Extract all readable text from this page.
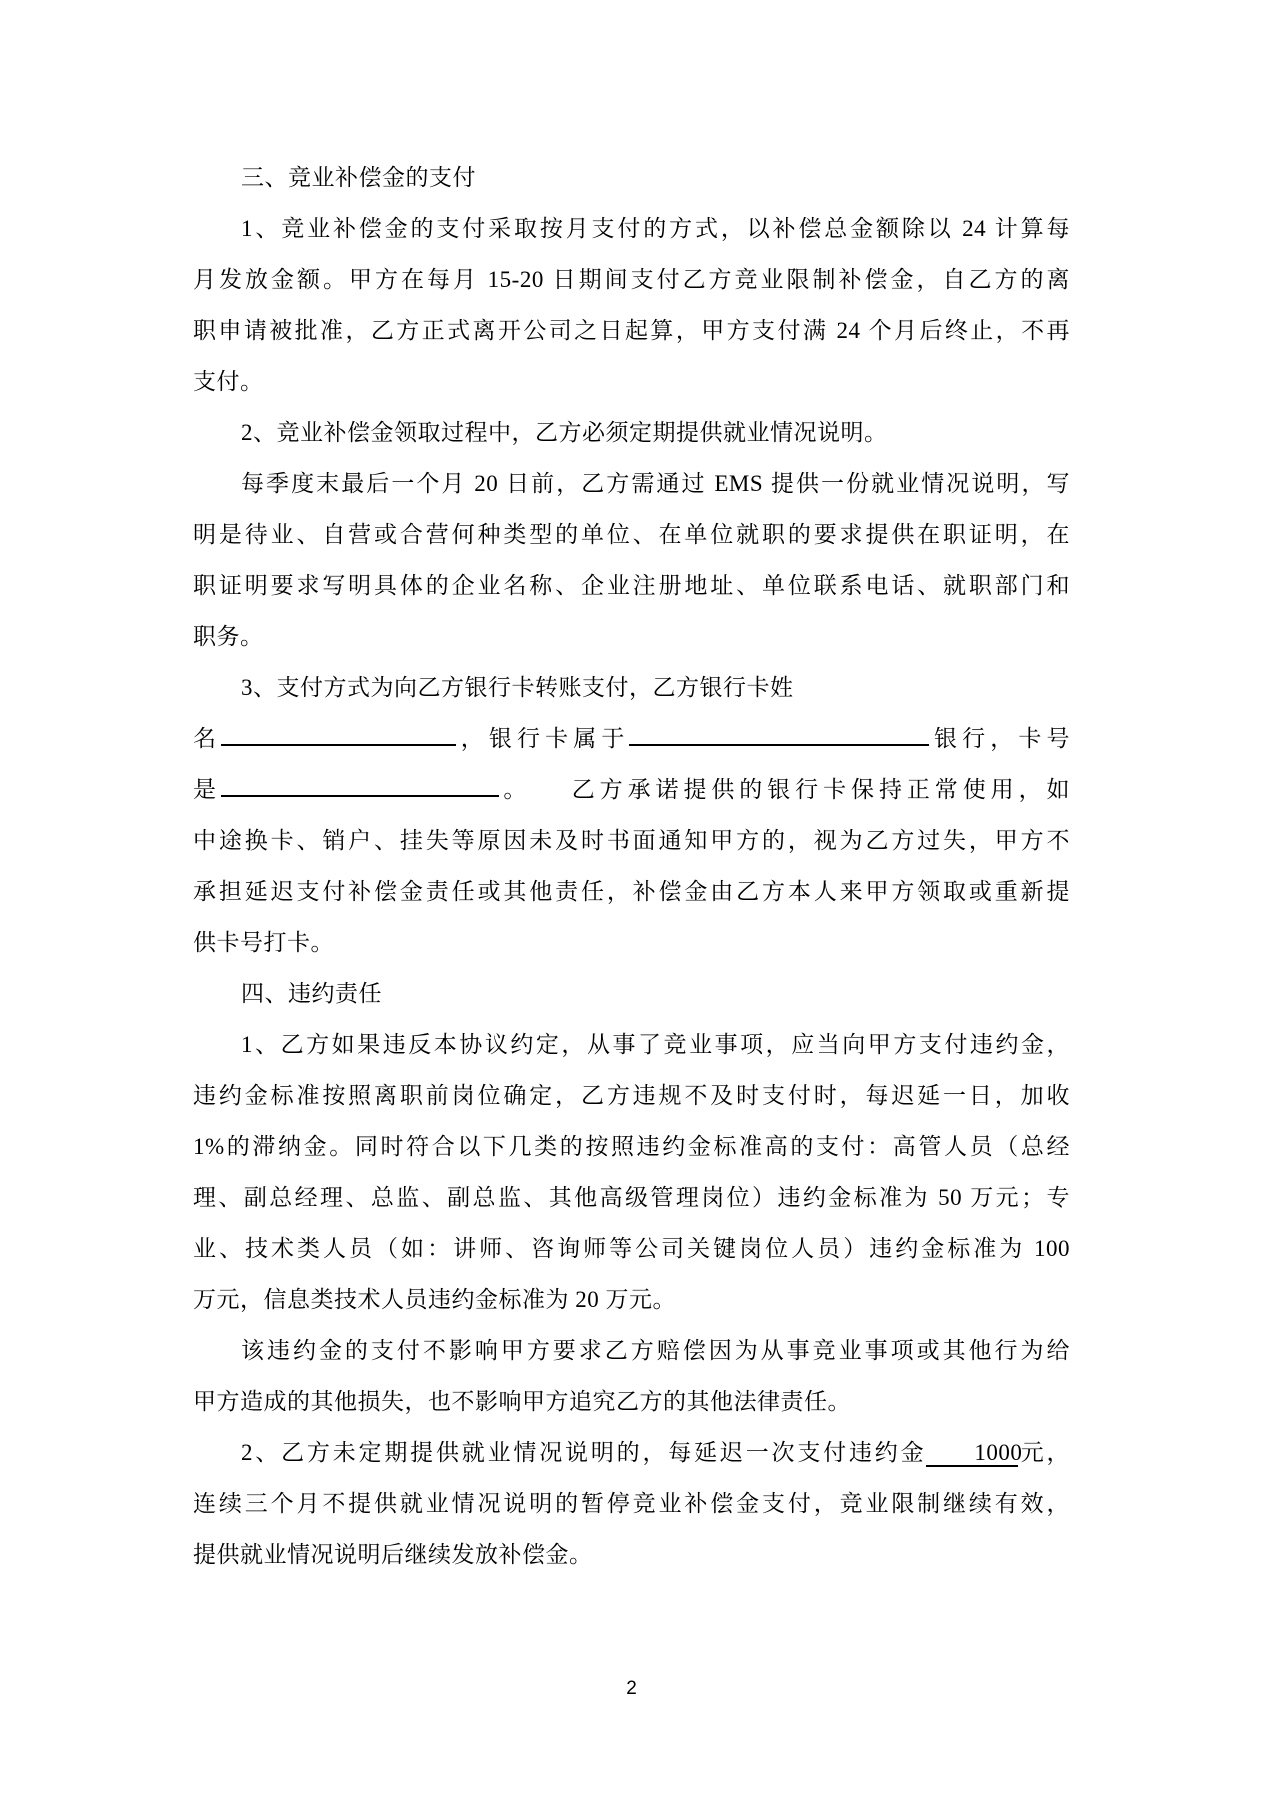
三、竞业补偿金的支付
1、竞业补偿金的支付采取按月支付的方式，以补偿总金额除以 24 计算每
月发放金额。甲方在每月 15-20 日期间支付乙方竞业限制补偿金，自乙方的离
职申请被批准，乙方正式离开公司之日起算，甲方支付满 24 个月后终止，不再
支付。
2、竞业补偿金领取过程中，乙方必须定期提供就业情况说明。
每季度末最后一个月 20 日前，乙方需通过 EMS 提供一份就业情况说明，写
明是待业、自营或合营何种类型的单位、在单位就职的要求提供在职证明，在
职证明要求写明具体的企业名称、企业注册地址、单位联系电话、就职部门和
职务。
3、支付方式为向乙方银行卡转账支付，乙方银行卡姓
名	，银行卡属于	银行，卡号
是	。 乙方承诺提供的银行卡保持正常使用，如
中途换卡、销户、挂失等原因未及时书面通知甲方的，视为乙方过失，甲方不
承担延迟支付补偿金责任或其他责任，补偿金由乙方本人来甲方领取或重新提
供卡号打卡。
四、违约责任
1、乙方如果违反本协议约定，从事了竞业事项，应当向甲方支付违约金，
违约金标准按照离职前岗位确定，乙方违规不及时支付时，每迟延一日，加收
1%的滞纳金。同时符合以下几类的按照违约金标准高的支付：高管人员（总经
理、副总经理、总监、副总监、其他高级管理岗位）违约金标准为 50 万元；专
业、技术类人员（如：讲师、咨询师等公司关键岗位人员）违约金标准为 100
万元，信息类技术人员违约金标准为 20 万元。
该违约金的支付不影响甲方要求乙方赔偿因为从事竞业事项或其他行为给
甲方造成的其他损失，也不影响甲方追究乙方的其他法律责任。
2、乙方未定期提供就业情况说明的，每延迟一次支付违约金 1000元，
连续三个月不提供就业情况说明的暂停竞业补偿金支付，竞业限制继续有效，
提供就业情况说明后继续发放补偿金。
2
